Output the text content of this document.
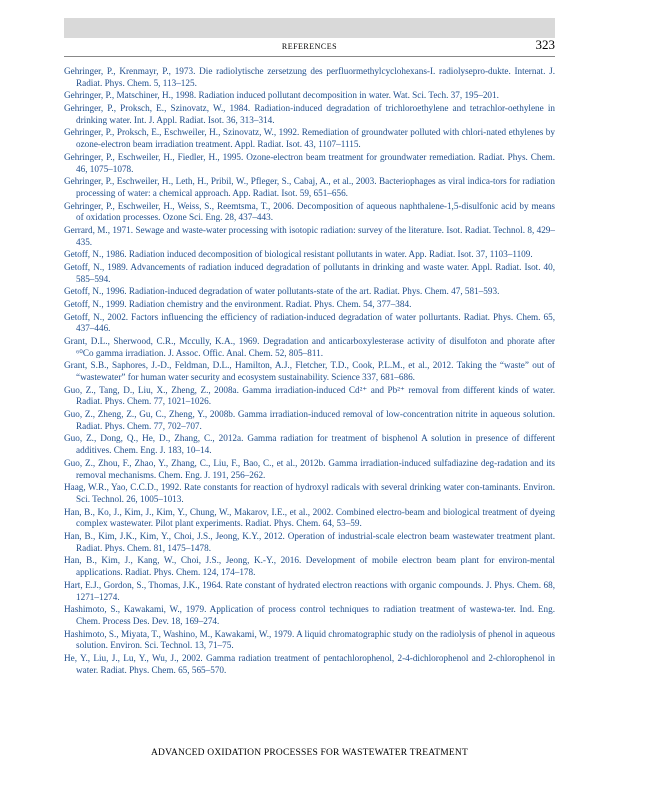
REFERENCES	323
Gehringer, P., Krenmayr, P., 1973. Die radiolytische zersetzung des perfluormethylcyclohexans-I. radiolysepro-dukte. Internat. J. Radiat. Phys. Chem. 5, 113–125.
Gehringer, P., Matschiner, H., 1998. Radiation induced pollutant decomposition in water. Wat. Sci. Tech. 37, 195–201.
Gehringer, P., Proksch, E., Szinovatz, W., 1984. Radiation-induced degradation of trichloroethylene and tetrachlor-oethylene in drinking water. Int. J. Appl. Radiat. Isot. 36, 313–314.
Gehringer, P., Proksch, E., Eschweiler, H., Szinovatz, W., 1992. Remediation of groundwater polluted with chlori-nated ethylenes by ozone-electron beam irradiation treatment. Appl. Radiat. Isot. 43, 1107–1115.
Gehringer, P., Eschweiler, H., Fiedler, H., 1995. Ozone-electron beam treatment for groundwater remediation. Radiat. Phys. Chem. 46, 1075–1078.
Gehringer, P., Eschweiler, H., Leth, H., Pribil, W., Pfleger, S., Cabaj, A., et al., 2003. Bacteriophages as viral indica-tors for radiation processing of water: a chemical approach. App. Radiat. Isot. 59, 651–656.
Gehringer, P., Eschweiler, H., Weiss, S., Reemtsma, T., 2006. Decomposition of aqueous naphthalene-1,5-disulfonic acid by means of oxidation processes. Ozone Sci. Eng. 28, 437–443.
Gerrard, M., 1971. Sewage and waste-water processing with isotopic radiation: survey of the literature. Isot. Radiat. Technol. 8, 429–435.
Getoff, N., 1986. Radiation induced decomposition of biological resistant pollutants in water. App. Radiat. Isot. 37, 1103–1109.
Getoff, N., 1989. Advancements of radiation induced degradation of pollutants in drinking and waste water. Appl. Radiat. Isot. 40, 585–594.
Getoff, N., 1996. Radiation-induced degradation of water pollutants-state of the art. Radiat. Phys. Chem. 47, 581–593.
Getoff, N., 1999. Radiation chemistry and the environment. Radiat. Phys. Chem. 54, 377–384.
Getoff, N., 2002. Factors influencing the efficiency of radiation-induced degradation of water pollurtants. Radiat. Phys. Chem. 65, 437–446.
Grant, D.L., Sherwood, C.R., Mccully, K.A., 1969. Degradation and anticarboxylesterase activity of disulfoton and phorate after ⁶⁰Co gamma irradiation. J. Assoc. Offic. Anal. Chem. 52, 805–811.
Grant, S.B., Saphores, J.-D., Feldman, D.L., Hamilton, A.J., Fletcher, T.D., Cook, P.L.M., et al., 2012. Taking the “waste” out of “wastewater” for human water security and ecosystem sustainability. Science 337, 681–686.
Guo, Z., Tang, D., Liu, X., Zheng, Z., 2008a. Gamma irradiation-induced Cd²⁺ and Pb²⁺ removal from different kinds of water. Radiat. Phys. Chem. 77, 1021–1026.
Guo, Z., Zheng, Z., Gu, C., Zheng, Y., 2008b. Gamma irradiation-induced removal of low-concentration nitrite in aqueous solution. Radiat. Phys. Chem. 77, 702–707.
Guo, Z., Dong, Q., He, D., Zhang, C., 2012a. Gamma radiation for treatment of bisphenol A solution in presence of different additives. Chem. Eng. J. 183, 10–14.
Guo, Z., Zhou, F., Zhao, Y., Zhang, C., Liu, F., Bao, C., et al., 2012b. Gamma irradiation-induced sulfadiazine deg-radation and its removal mechanisms. Chem. Eng. J. 191, 256–262.
Haag, W.R., Yao, C.C.D., 1992. Rate constants for reaction of hydroxyl radicals with several drinking water con-taminants. Environ. Sci. Technol. 26, 1005–1013.
Han, B., Ko, J., Kim, J., Kim, Y., Chung, W., Makarov, I.E., et al., 2002. Combined electro-beam and biological treatment of dyeing complex wastewater. Pilot plant experiments. Radiat. Phys. Chem. 64, 53–59.
Han, B., Kim, J.K., Kim, Y., Choi, J.S., Jeong, K.Y., 2012. Operation of industrial-scale electron beam wastewater treatment plant. Radiat. Phys. Chem. 81, 1475–1478.
Han, B., Kim, J., Kang, W., Choi, J.S., Jeong, K.-Y., 2016. Development of mobile electron beam plant for environ-mental applications. Radiat. Phys. Chem. 124, 174–178.
Hart, E.J., Gordon, S., Thomas, J.K., 1964. Rate constant of hydrated electron reactions with organic compounds. J. Phys. Chem. 68, 1271–1274.
Hashimoto, S., Kawakami, W., 1979. Application of process control techniques to radiation treatment of wastewa-ter. Ind. Eng. Chem. Process Des. Dev. 18, 169–274.
Hashimoto, S., Miyata, T., Washino, M., Kawakami, W., 1979. A liquid chromatographic study on the radiolysis of phenol in aqueous solution. Environ. Sci. Technol. 13, 71–75.
He, Y., Liu, J., Lu, Y., Wu, J., 2002. Gamma radiation treatment of pentachlorophenol, 2-4-dichlorophenol and 2-chlorophenol in water. Radiat. Phys. Chem. 65, 565–570.
ADVANCED OXIDATION PROCESSES FOR WASTEWATER TREATMENT
